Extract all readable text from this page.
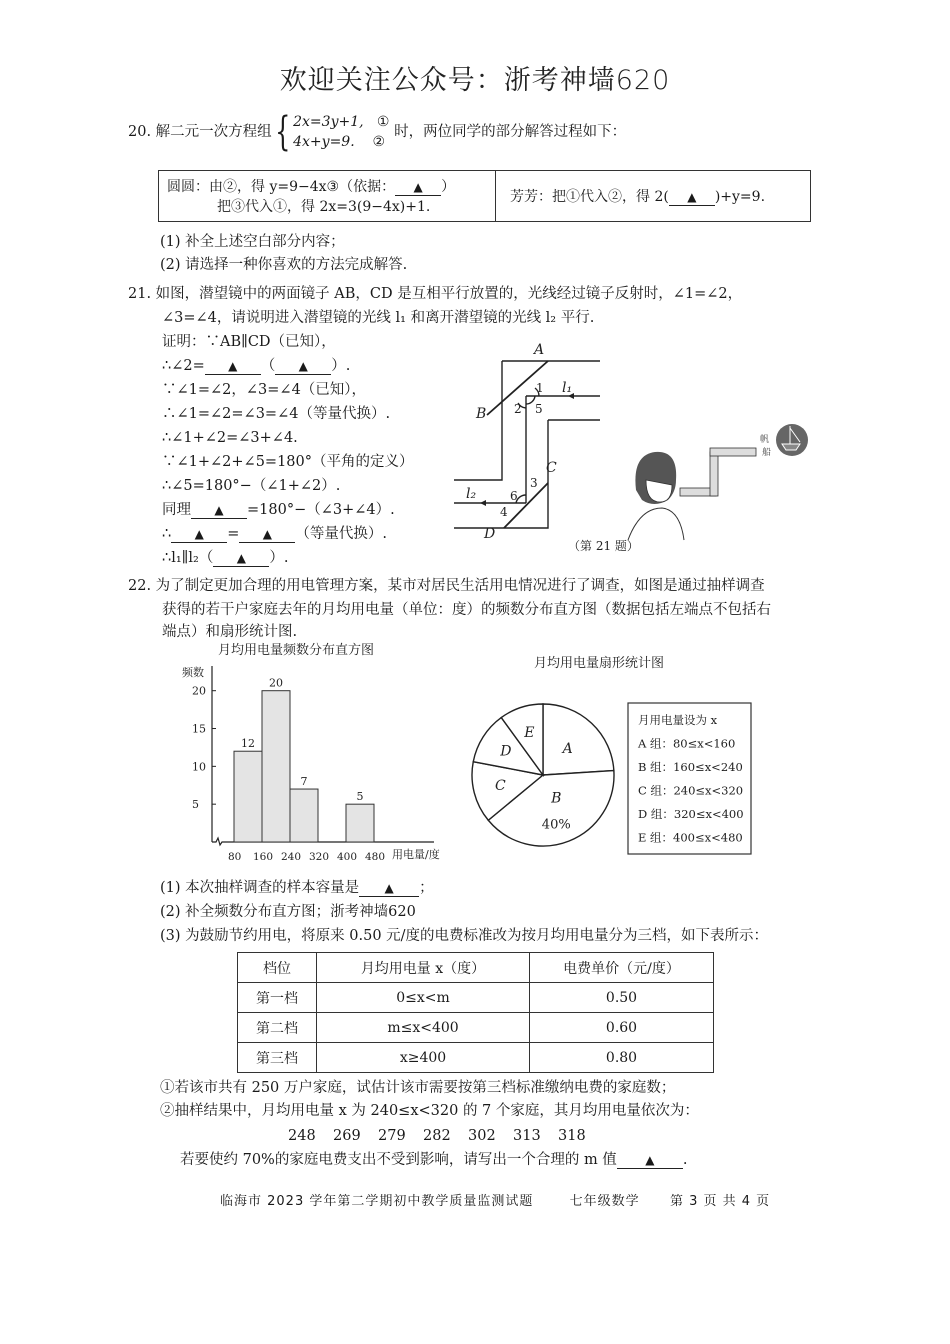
欢迎关注公众号：浙考神墙620
20. 解二元一次方程组{ 2x=3y+1, ①
4x+y=9. ② 时，两位同学的部分解答过程如下：
圆圆：由②，得 y=9−4x③（依据： ▲ ）
把③代入①，得 2x=3(9−4x)+1.
	芳芳：把①代入②，得 2( ▲ )+y=9.
(1) 补全上述空白部分内容；
(2) 请选择一种你喜欢的方法完成解答.
21. 如图，潜望镜中的两面镜子 AB，CD 是互相平行放置的，光线经过镜子反射时，∠1=∠2，
∠3=∠4，请说明进入潜望镜的光线 l₁ 和离开潜望镜的光线 l₂ 平行.
证明：∵AB∥CD（已知），
∴∠2= ▲ （ ▲ ）.
∵∠1=∠2，∠3=∠4（已知），
∴∠1=∠2=∠3=∠4（等量代换）.
∴∠1+∠2=∠3+∠4.
∵∠1+∠2+∠5=180°（平角的定义）
∴∠5=180°−（∠1+∠2）.
同理 ▲ =180°−（∠3+∠4）.
∴ ▲ = ▲ （等量代换）.
∴l₁∥l₂（ ▲ ）.
A
B
C
D
l₁
l₂
1
2
3
4
5
6
帆
船
（第 21 题）
22. 为了制定更加合理的用电管理方案，某市对居民生活用电情况进行了调查，如图是通过抽样调查
获得的若干户家庭去年的月均用电量（单位：度）的频数分布直方图（数据包括左端点不包括右
端点）和扇形统计图.
月均用电量频数分布直方图
频数
用电量/度
5
10
15
20
80 160 240 320 400 480
12
20
7
5
月均用电量扇形统计图
A
B
40%
C
D
E
月用电量设为 x
A 组：80≤x<160
B 组：160≤x<240
C 组：240≤x<320
D 组：320≤x<400
E 组：400≤x<480
(1) 本次抽样调查的样本容量是 ▲ ；
(2) 补全频数分布直方图；浙考神墙620
(3) 为鼓励节约用电，将原来 0.50 元/度的电费标准改为按月均用电量分为三档，如下表所示：
档位	月均用电量 x（度）	电费单价（元/度）
第一档	0≤x<m	0.50
第二档	m≤x<400	0.60
第三档	x≥400	0.80
①若该市共有 250 万户家庭，试估计该市需要按第三档标准缴纳电费的家庭数；
②抽样结果中，月均用电量 x 为 240≤x<320 的 7 个家庭，其月均用电量依次为：
248 269 279 282 302 313 318
若要使约 70%的家庭电费支出不受到影响，请写出一个合理的 m 值 ▲ .
临海市 2023 学年第二学期初中教学质量监测试题	七年级数学 第 3 页 共 4 页
